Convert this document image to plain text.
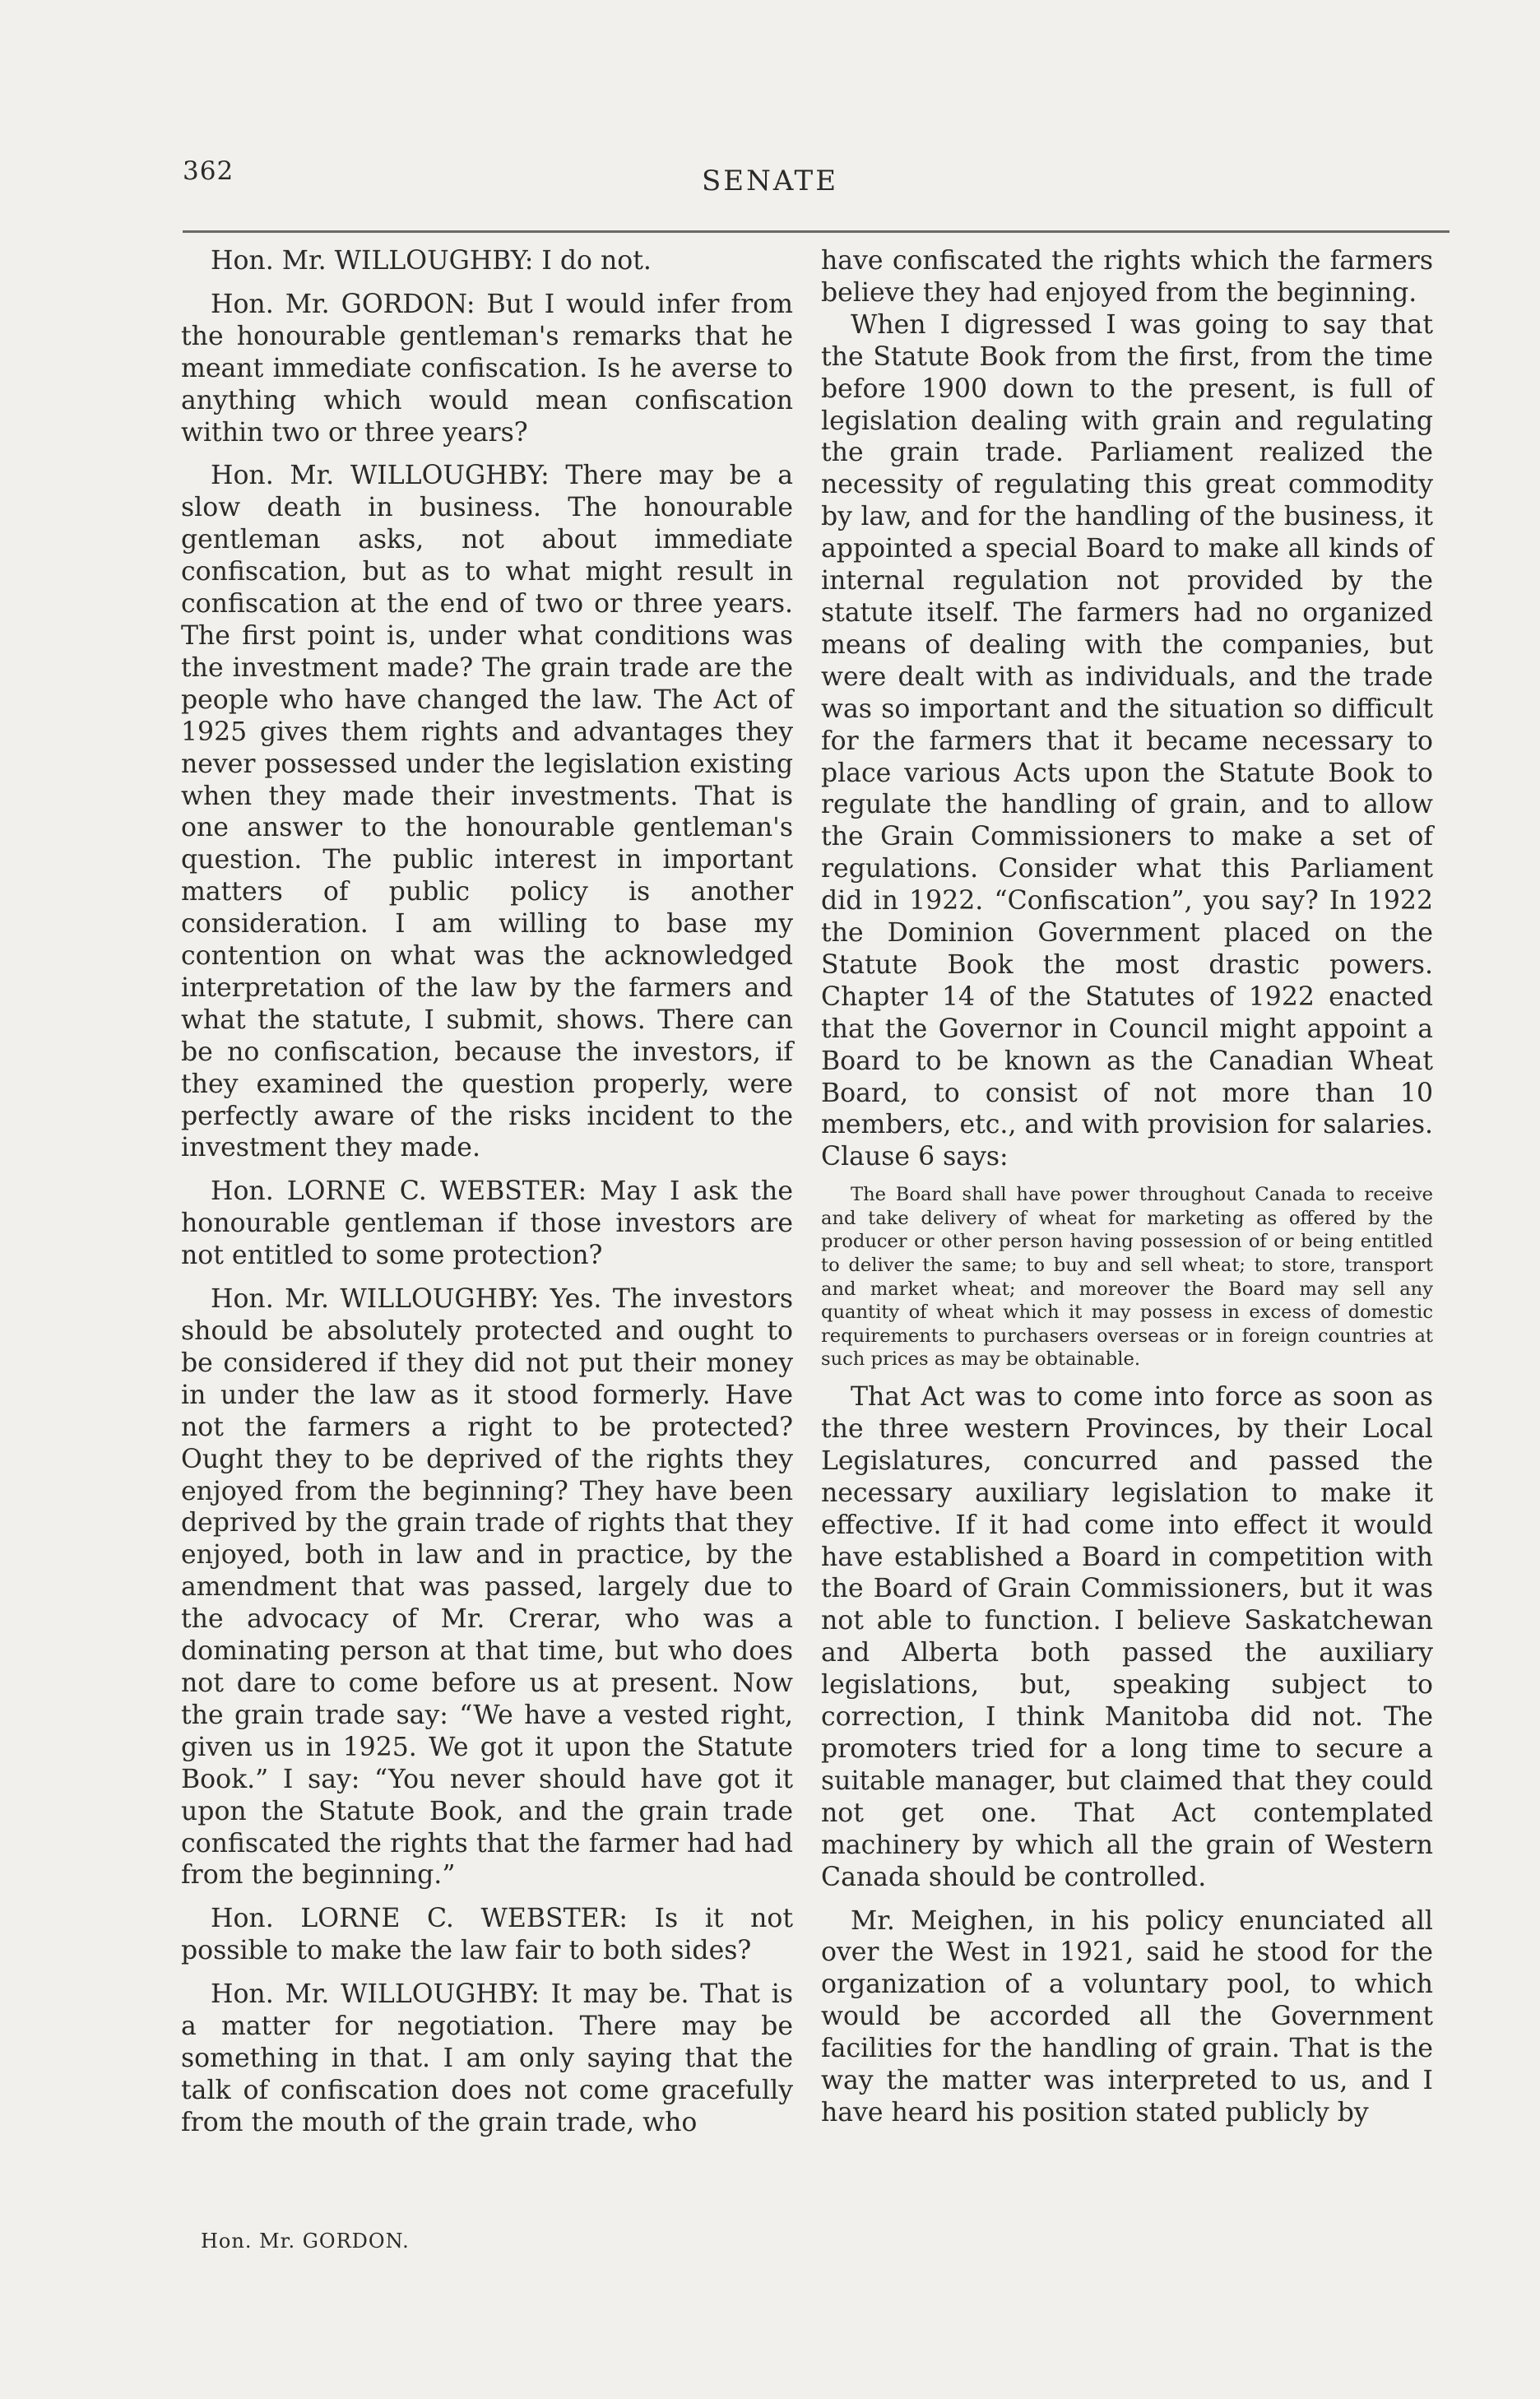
362	SENATE

Hon. Mr. WILLOUGHBY: I do not.

Hon. Mr. GORDON: But I would infer from the honourable gentleman's remarks that he meant immediate confiscation. Is he averse to anything which would mean confiscation within two or three years?

Hon. Mr. WILLOUGHBY: There may be a slow death in business. The honourable gentleman asks, not about immediate confiscation, but as to what might result in confiscation at the end of two or three years. The first point is, under what conditions was the investment made? The grain trade are the people who have changed the law. The Act of 1925 gives them rights and advantages they never possessed under the legislation existing when they made their investments. That is one answer to the honourable gentleman's question. The public interest in important matters of public policy is another consideration. I am willing to base my contention on what was the acknowledged interpretation of the law by the farmers and what the statute, I submit, shows. There can be no confiscation, because the investors, if they examined the question properly, were perfectly aware of the risks incident to the investment they made.

Hon. LORNE C. WEBSTER: May I ask the honourable gentleman if those investors are not entitled to some protection?

Hon. Mr. WILLOUGHBY: Yes. The investors should be absolutely protected and ought to be considered if they did not put their money in under the law as it stood formerly. Have not the farmers a right to be protected? Ought they to be deprived of the rights they enjoyed from the beginning? They have been deprived by the grain trade of rights that they enjoyed, both in law and in practice, by the amendment that was passed, largely due to the advocacy of Mr. Crerar, who was a dominating person at that time, but who does not dare to come before us at present. Now the grain trade say: “We have a vested right, given us in 1925. We got it upon the Statute Book.” I say: “You never should have got it upon the Statute Book, and the grain trade confiscated the rights that the farmer had had from the beginning.”

Hon. LORNE C. WEBSTER: Is it not possible to make the law fair to both sides?

Hon. Mr. WILLOUGHBY: It may be. That is a matter for negotiation. There may be something in that. I am only saying that the talk of confiscation does not come gracefully from the mouth of the grain trade, who

have confiscated the rights which the farmers believe they had enjoyed from the beginning.

When I digressed I was going to say that the Statute Book from the first, from the time before 1900 down to the present, is full of legislation dealing with grain and regulating the grain trade. Parliament realized the necessity of regulating this great commodity by law, and for the handling of the business, it appointed a special Board to make all kinds of internal regulation not provided by the statute itself. The farmers had no organized means of dealing with the companies, but were dealt with as individuals, and the trade was so important and the situation so difficult for the farmers that it became necessary to place various Acts upon the Statute Book to regulate the handling of grain, and to allow the Grain Commissioners to make a set of regulations. Consider what this Parliament did in 1922. “Confiscation”, you say? In 1922 the Dominion Government placed on the Statute Book the most drastic powers. Chapter 14 of the Statutes of 1922 enacted that the Governor in Council might appoint a Board to be known as the Canadian Wheat Board, to consist of not more than 10 members, etc., and with provision for salaries. Clause 6 says:

The Board shall have power throughout Canada to receive and take delivery of wheat for marketing as offered by the producer or other person having possession of or being entitled to deliver the same; to buy and sell wheat; to store, transport and market wheat; and moreover the Board may sell any quantity of wheat which it may possess in excess of domestic requirements to purchasers overseas or in foreign countries at such prices as may be obtainable.

That Act was to come into force as soon as the three western Provinces, by their Local Legislatures, concurred and passed the necessary auxiliary legislation to make it effective. If it had come into effect it would have established a Board in competition with the Board of Grain Commissioners, but it was not able to function. I believe Saskatchewan and Alberta both passed the auxiliary legislations, but, speaking subject to correction, I think Manitoba did not. The promoters tried for a long time to secure a suitable manager, but claimed that they could not get one. That Act contemplated machinery by which all the grain of Western Canada should be controlled.

Mr. Meighen, in his policy enunciated all over the West in 1921, said he stood for the organization of a voluntary pool, to which would be accorded all the Government facilities for the handling of grain. That is the way the matter was interpreted to us, and I have heard his position stated publicly by

Hon. Mr. GORDON.
